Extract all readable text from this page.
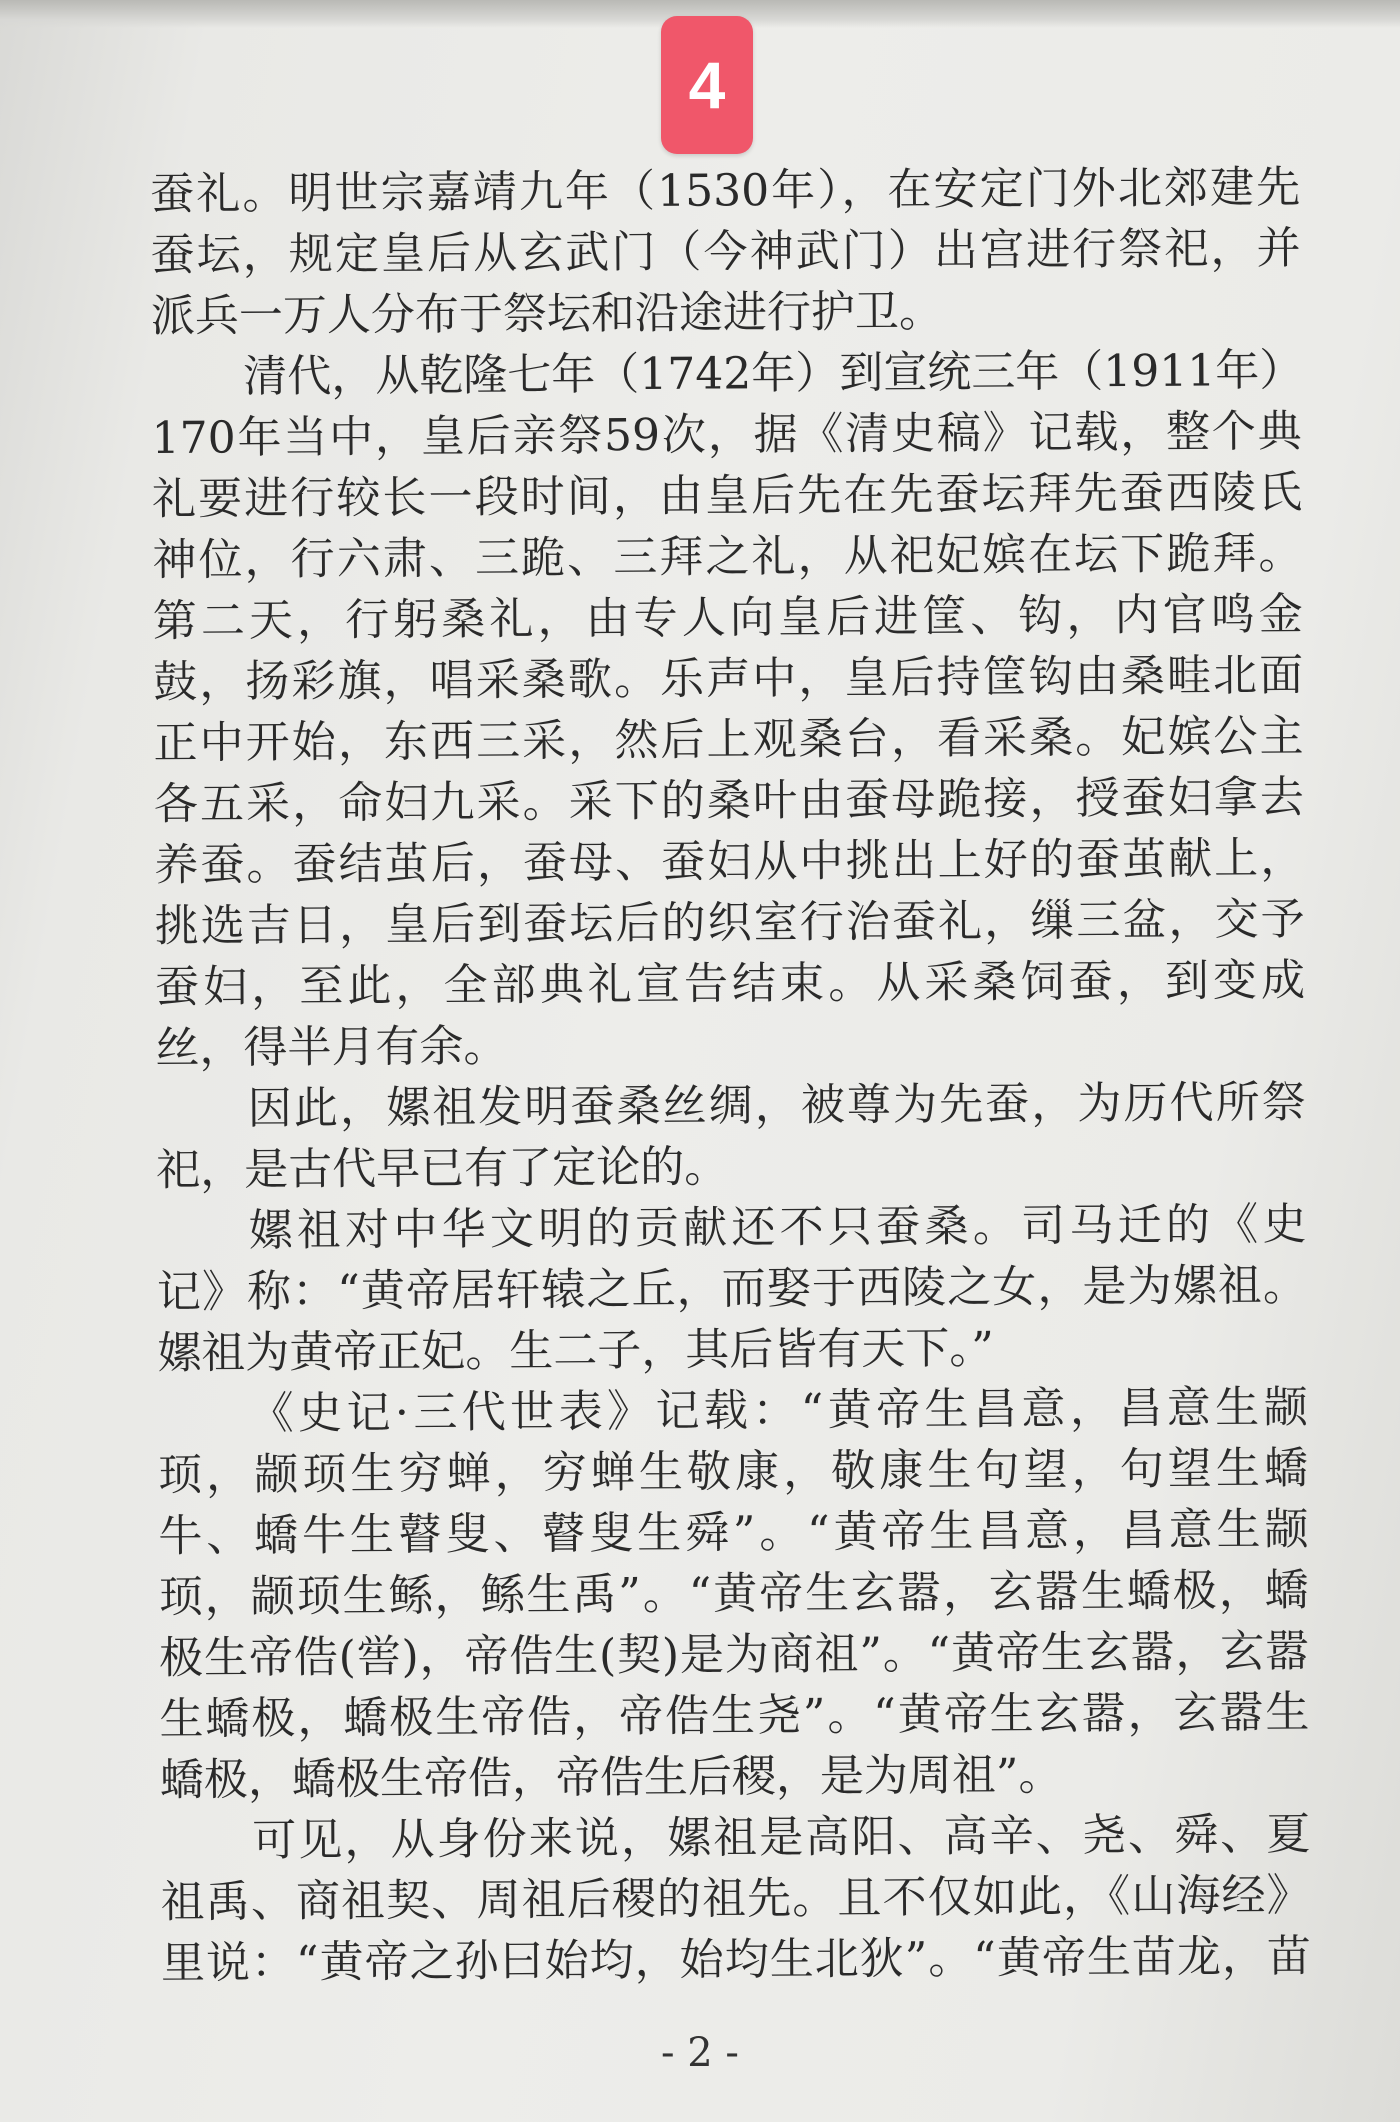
4
蚕礼。明世宗嘉靖九年（1530年），在安定门外北郊建先
蚕坛，规定皇后从玄武门（今神武门）出宫进行祭祀，并
派兵一万人分布于祭坛和沿途进行护卫。
清代，从乾隆七年（1742年）到宣统三年（1911年）
170年当中，皇后亲祭59次，据《清史稿》记载，整个典
礼要进行较长一段时间，由皇后先在先蚕坛拜先蚕西陵氏
神位，行六肃、三跪、三拜之礼，从祀妃嫔在坛下跪拜。
第二天，行躬桑礼，由专人向皇后进筐、钩，内官鸣金
鼓，扬彩旗，唱采桑歌。乐声中，皇后持筐钩由桑畦北面
正中开始，东西三采，然后上观桑台，看采桑。妃嫔公主
各五采，命妇九采。采下的桑叶由蚕母跪接，授蚕妇拿去
养蚕。蚕结茧后，蚕母、蚕妇从中挑出上好的蚕茧献上，
挑选吉日，皇后到蚕坛后的织室行治蚕礼，缫三盆，交予
蚕妇，至此，全部典礼宣告结束。从采桑饲蚕，到变成
丝，得半月有余。
因此，嫘祖发明蚕桑丝绸，被尊为先蚕，为历代所祭
祀，是古代早已有了定论的。
嫘祖对中华文明的贡献还不只蚕桑。司马迁的《史
记》称：“黄帝居轩辕之丘，而娶于西陵之女，是为嫘祖。
嫘祖为黄帝正妃。生二子，其后皆有天下。”
《史记·三代世表》记载：“黄帝生昌意，昌意生颛
顼，颛顼生穷蝉，穷蝉生敬康，敬康生句望，句望生蟜
牛、蟜牛生瞽叟、瞽叟生舜”。“黄帝生昌意，昌意生颛
顼，颛顼生鲧，鲧生禹”。“黄帝生玄嚣，玄嚣生蟜极，蟜
极生帝俈(喾)，帝俈生(契)是为商祖”。“黄帝生玄嚣，玄嚣
生蟜极，蟜极生帝俈，帝俈生尧”。“黄帝生玄嚣，玄嚣生
蟜极，蟜极生帝俈，帝俈生后稷，是为周祖”。
可见，从身份来说，嫘祖是高阳、高辛、尧、舜、夏
祖禹、商祖契、周祖后稷的祖先。且不仅如此，《山海经》
里说：“黄帝之孙曰始均，始均生北狄”。“黄帝生苗龙，苗
- 2 -
